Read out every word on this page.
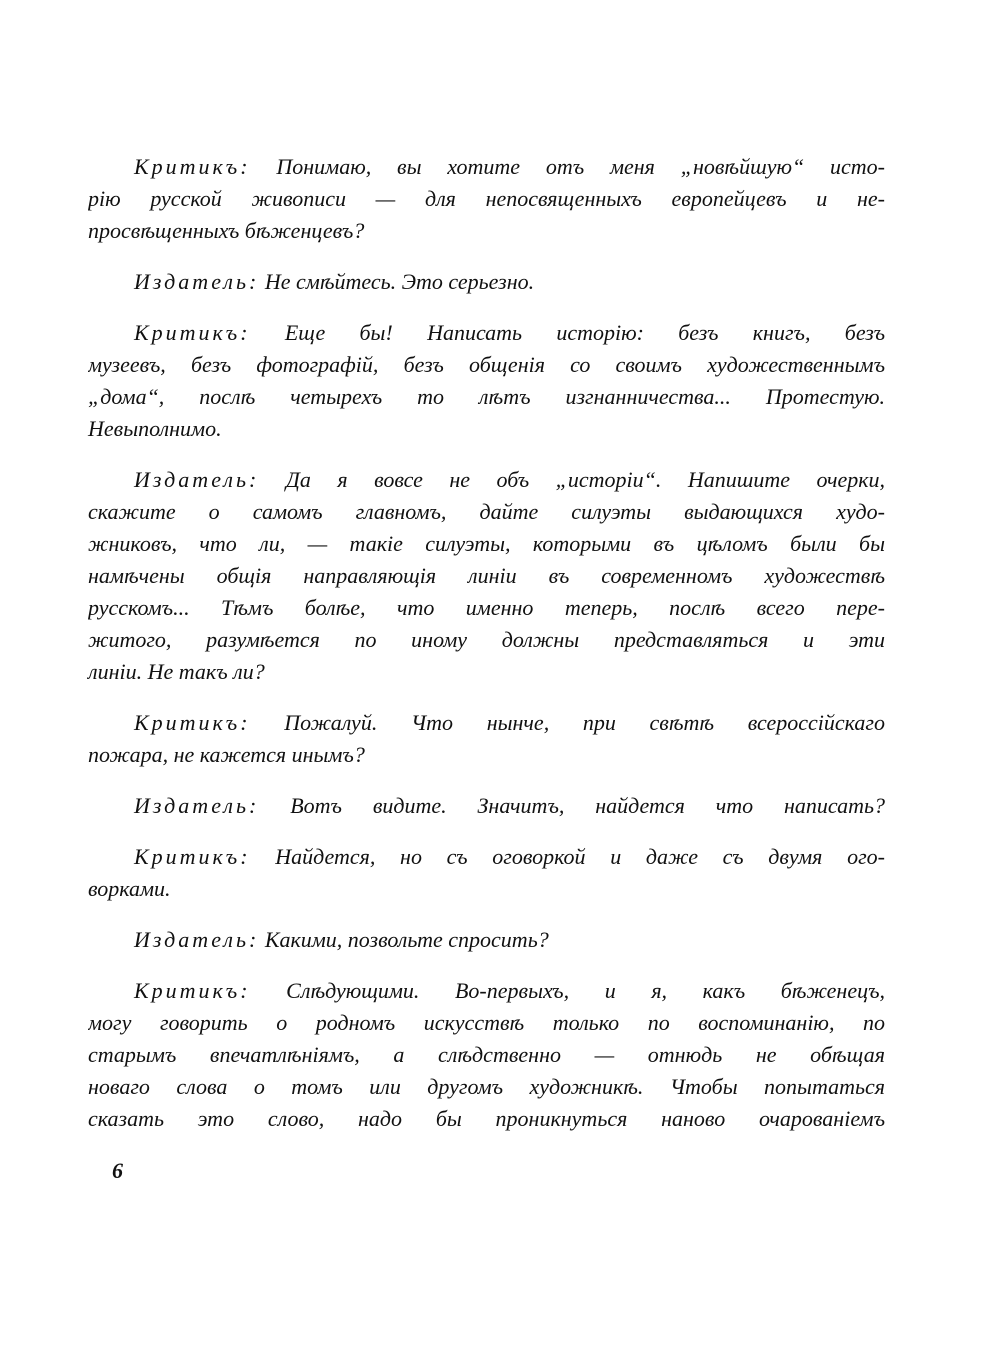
Критикъ: Понимаю, вы хотите отъ меня „новѣйшую“ исто-
рію русской живописи — для непосвященныхъ европейцевъ и не-
просвѣщенныхъ бѣженцевъ?
Издатель: Не смѣйтесь. Это серьезно.
Критикъ: Еще бы! Написать исторію: безъ книгъ, безъ
музеевъ, безъ фотографій, безъ общенія со своимъ художественнымъ
„дома“, послѣ четырехъ то лѣтъ изгнанничества... Протестую.
Невыполнимо.
Издатель: Да я вовсе не объ „исторіи“. Напишите очерки,
скажите о самомъ главномъ, дайте силуэты выдающихся худо-
жниковъ, что ли, — такіе силуэты, которыми въ цѣломъ были бы
намѣчены общія направляющія линіи въ современномъ художествѣ
русскомъ... Тѣмъ болѣе, что именно теперь, послѣ всего пере-
житого, разумѣется по иному должны представляться и эти
линіи. Не такъ ли?
Критикъ: Пожалуй. Что нынче, при свѣтѣ всероссійскаго
пожара, не кажется инымъ?
Издатель: Вотъ видите. Значитъ, найдется что написать?
Критикъ: Найдется, но съ оговоркой и даже съ двумя ого-
ворками.
Издатель: Какими, позвольте спросить?
Критикъ: Слѣдующими. Во-первыхъ, и я, какъ бѣженецъ,
могу говорить о родномъ искусствѣ только по воспоминанію, по
старымъ впечатлѣніямъ, а слѣдственно — отнюдь не обѣщая
новаго слова о томъ или другомъ художникѣ. Чтобы попытаться
сказать это слово, надо бы проникнуться наново очарованіемъ
6
